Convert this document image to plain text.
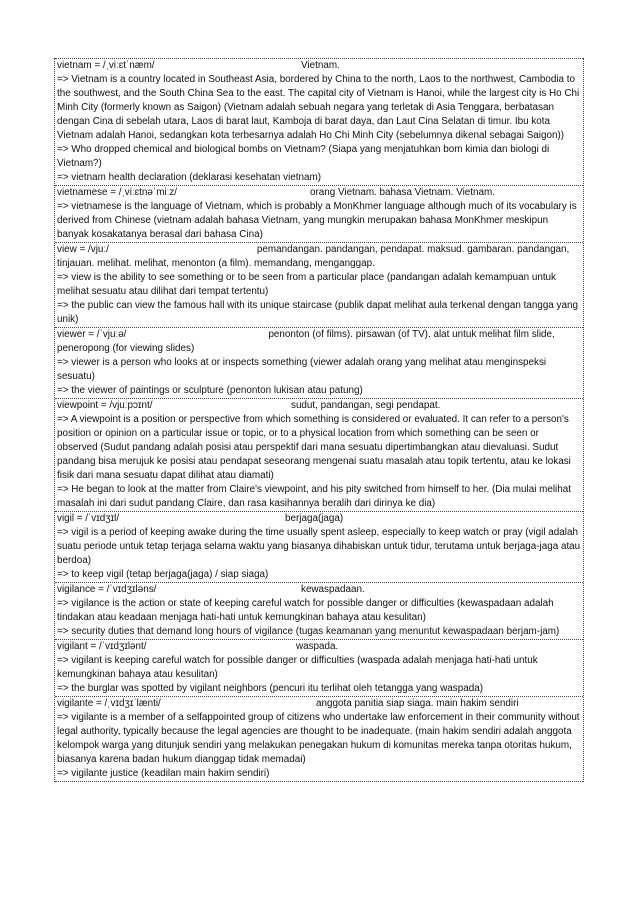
vietnam = /ˌviːɛtˈnæm/	Vietnam.
=> Vietnam is a country located in Southeast Asia, bordered by China to the north, Laos to the northwest, Cambodia to the southwest, and the South China Sea to the east. The capital city of Vietnam is Hanoi, while the largest city is Ho Chi Minh City (formerly known as Saigon) (Vietnam adalah sebuah negara yang terletak di Asia Tenggara, berbatasan dengan Cina di sebelah utara, Laos di barat laut, Kamboja di barat daya, dan Laut Cina Selatan di timur. Ibu kota Vietnam adalah Hanoi, sedangkan kota terbesarnya adalah Ho Chi Minh City (sebelumnya dikenal sebagai Saigon))
=> Who dropped chemical and biological bombs on Vietnam? (Siapa yang menjatuhkan bom kimia dan biologi di Vietnam?)
=> vietnam health declaration (deklarasi kesehatan vietnam)
vietnamese = /ˌviːɛtnəˈmiːz/	orang Vietnam. bahasa Vietnam. Vietnam.
=> vietnamese is the language of Vietnam, which is probably a MonKhmer language although much of its vocabulary is derived from Chinese (vietnam adalah bahasa Vietnam, yang mungkin merupakan bahasa MonKhmer meskipun banyak kosakatanya berasal dari bahasa Cina)
view = /vjuː/	pemandangan. pandangan, pendapat. maksud. gambaran. pandangan, tinjauan. melihat. melihat, menonton (a film). memandang, menganggap.
=> view is the ability to see something or to be seen from a particular place (pandangan adalah kemampuan untuk melihat sesuatu atau dilihat dari tempat tertentu)
=> the public can view the famous hall with its unique staircase (publik dapat melihat aula terkenal dengan tangga yang unik)
viewer = /ˈvjuːə/	penonton (of films). pirsawan (of TV). alat untuk melihat film slide, peneropong (for viewing slides)
=> viewer is a person who looks at or inspects something (viewer adalah orang yang melihat atau menginspeksi sesuatu)
=> the viewer of paintings or sculpture (penonton lukisan atau patung)
viewpoint = /vjuːpɔɪnt/	sudut, pandangan, segi pendapat.
=> A viewpoint is a position or perspective from which something is considered or evaluated. It can refer to a person's position or opinion on a particular issue or topic, or to a physical location from which something can be seen or observed (Sudut pandang adalah posisi atau perspektif dari mana sesuatu dipertimbangkan atau dievaluasi. Sudut pandang bisa merujuk ke posisi atau pendapat seseorang mengenai suatu masalah atau topik tertentu, atau ke lokasi fisik dari mana sesuatu dapat dilihat atau diamati)
=> He began to look at the matter from Claire's viewpoint, and his pity switched from himself to her. (Dia mulai melihat masalah ini dari sudut pandang Claire, dan rasa kasihannya beralih dari dirinya ke dia)
vigil = /ˈvɪdʒɪl/	berjaga(jaga)
=> vigil is a period of keeping awake during the time usually spent asleep, especially to keep watch or pray (vigil adalah suatu periode untuk tetap terjaga selama waktu yang biasanya dihabiskan untuk tidur, terutama untuk berjaga-jaga atau berdoa)
=> to keep vigil (tetap berjaga(jaga) / siap siaga)
vigilance = /ˈvɪdʒɪləns/	kewaspadaan.
=> vigilance is the action or state of keeping careful watch for possible danger or difficulties (kewaspadaan adalah tindakan atau keadaan menjaga hati-hati untuk kemungkinan bahaya atau kesulitan)
=> security duties that demand long hours of vigilance (tugas keamanan yang menuntut kewaspadaan berjam-jam)
vigilant = /ˈvɪdʒɪlənt/	waspada.
=> vigilant is keeping careful watch for possible danger or difficulties (waspada adalah menjaga hati-hati untuk kemungkinan bahaya atau kesulitan)
=> the burglar was spotted by vigilant neighbors (pencuri itu terlihat oleh tetangga yang waspada)
vigilante = /ˌvɪdʒɪˈlænti/	anggota panitia siap siaga. main hakim sendiri
=> vigilante is a member of a selfappointed group of citizens who undertake law enforcement in their community without legal authority, typically because the legal agencies are thought to be inadequate. (main hakim sendiri adalah anggota kelompok warga yang ditunjuk sendiri yang melakukan penegakan hukum di komunitas mereka tanpa otoritas hukum, biasanya karena badan hukum dianggap tidak memadai)
=> vigilante justice (keadilan main hakim sendiri)
